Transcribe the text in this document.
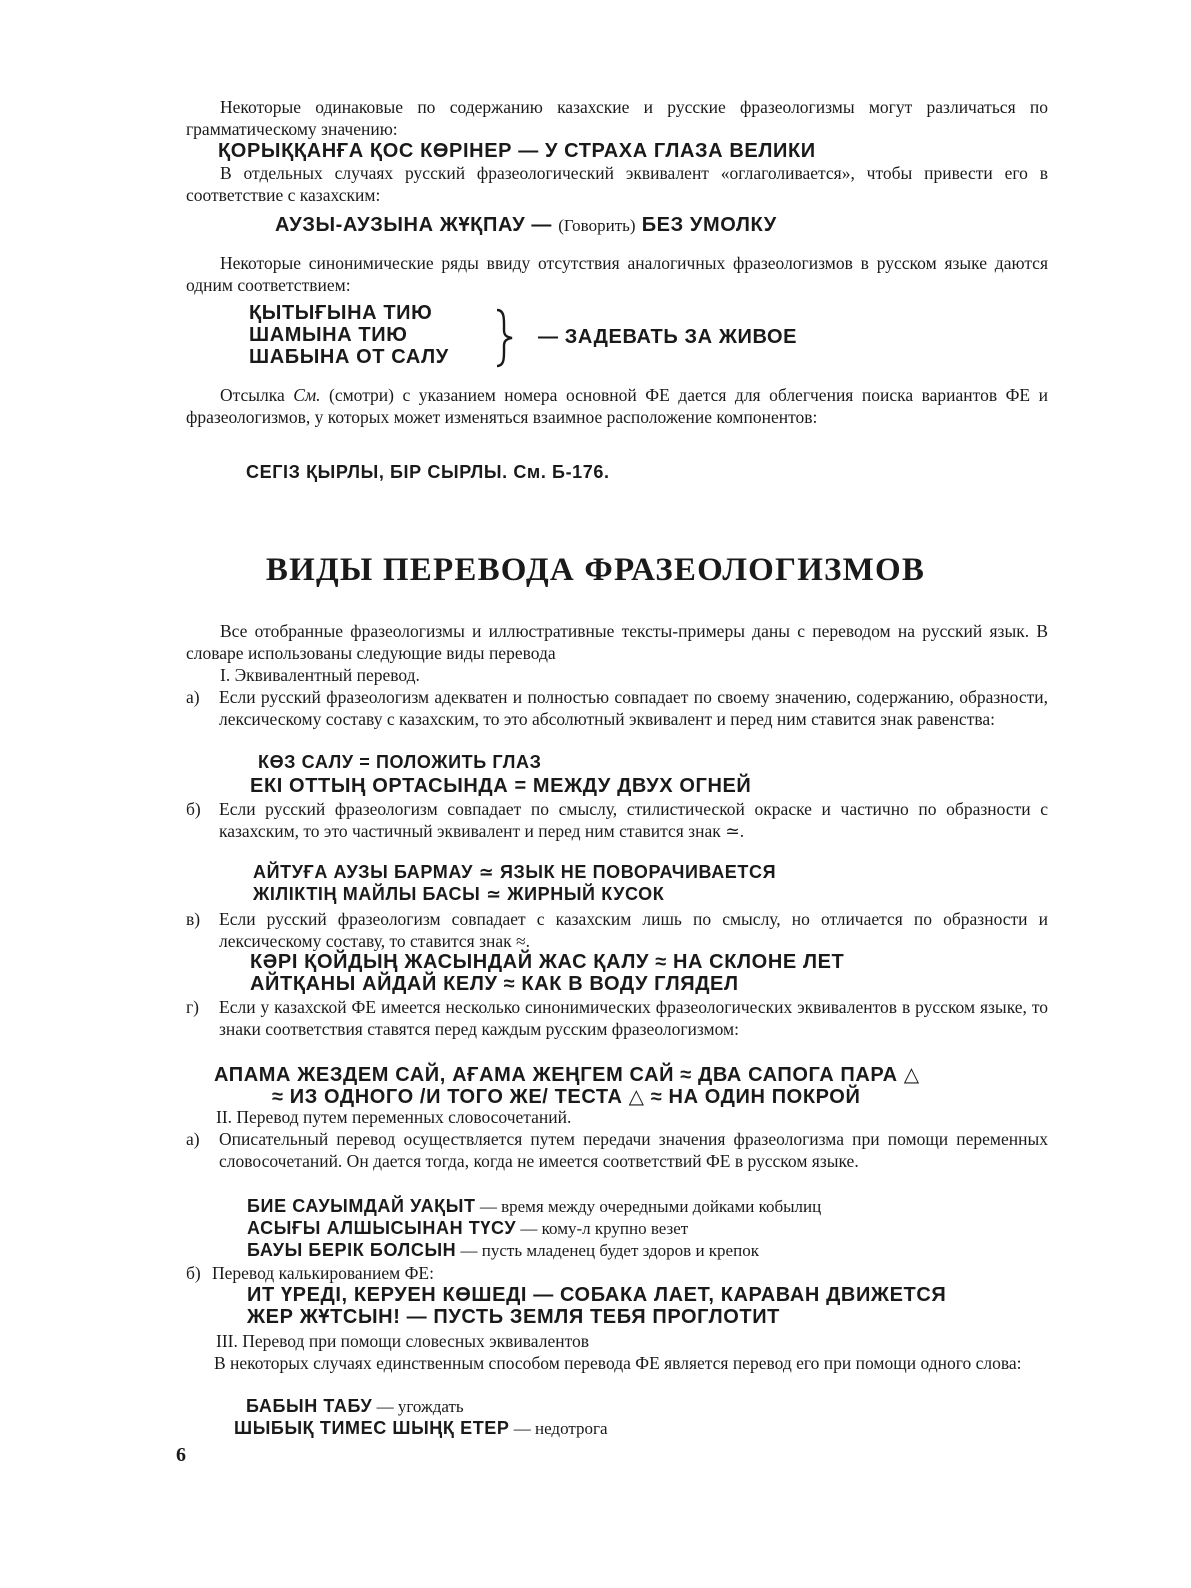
Некоторые одинаковые по содержанию казахские и русские фразеологизмы могут различаться по грамматическому значению:
ҚОРЫҚҚАНҒА ҚОС КӨРІНЕР — У СТРАХА ГЛАЗА ВЕЛИКИ
В отдельных случаях русский фразеологический эквивалент «оглаголивается», чтобы привести его в соответствие с казахским:
АУЗЫ-АУЗЫНА ЖҰҚПАУ — (Говорить) БЕЗ УМОЛКУ
Некоторые синонимические ряды ввиду отсутствия аналогичных фразеологизмов в русском языке даются одним соответствием:
ҚЫТЫҒЫНА ТИЮ
ШАМЫНА ТИЮ
ШАБЫНА ОТ САЛУ
— ЗАДЕВАТЬ ЗА ЖИВОЕ
Отсылка См. (смотри) с указанием номера основной ФЕ дается для облегчения поиска вариантов ФЕ и фразеологизмов, у которых может изменяться взаимное расположение компонентов:
СЕГІЗ ҚЫРЛЫ, БІР СЫРЛЫ. См. Б-176.
ВИДЫ ПЕРЕВОДА ФРАЗЕОЛОГИЗМОВ
Все отобранные фразеологизмы и иллюстративные тексты-примеры даны с переводом на русский язык. В словаре использованы следующие виды перевода
I. Эквивалентный перевод.
а) Если русский фразеологизм адекватен и полностью совпадает по своему значению, содержанию, образности, лексическому составу с казахским, то это абсолютный эквивалент и перед ним ставится знак равенства:
КӨЗ САЛУ = ПОЛОЖИТЬ ГЛАЗ
ЕКІ ОТТЫҢ ОРТАСЫНДА = МЕЖДУ ДВУХ ОГНЕЙ
б) Если русский фразеологизм совпадает по смыслу, стилистической окраске и частично по образности с казахским, то это частичный эквивалент и перед ним ставится знак ≃.
АЙТУҒА АУЗЫ БАРМАУ ≃ ЯЗЫК НЕ ПОВОРАЧИВАЕТСЯ
ЖІЛІКТІҢ МАЙЛЫ БАСЫ ≃ ЖИРНЫЙ КУСОК
в) Если русский фразеологизм совпадает с казахским лишь по смыслу, но отличается по образности и лексическому составу, то ставится знак ≈.
КӘРІ ҚОЙДЫҢ ЖАСЫНДАЙ ЖАС ҚАЛУ ≈ НА СКЛОНЕ ЛЕТ
АЙТҚАНЫ АЙДАЙ КЕЛУ ≈ КАК В ВОДУ ГЛЯДЕЛ
г) Если у казахской ФЕ имеется несколько синонимических фразеологических эквивалентов в русском языке, то знаки соответствия ставятся перед каждым русским фразеологизмом:
АПАМА ЖЕЗДЕМ САЙ, АҒАМА ЖЕҢГЕМ САЙ ≈ ДВА САПОГА ПАРА △
≈ ИЗ ОДНОГО /И ТОГО ЖЕ/ ТЕСТА △ ≈ НА ОДИН ПОКРОЙ
II. Перевод путем переменных словосочетаний.
а) Описательный перевод осуществляется путем передачи значения фразеологизма при помощи переменных словосочетаний. Он дается тогда, когда не имеется соответствий ФЕ в русском языке.
БИЕ САУЫМДАЙ УАҚЫТ — время между очередными дойками кобылиц
АСЫҒЫ АЛШЫСЫНАН ТҮСУ — кому-л крупно везет
БАУЫ БЕРІК БОЛСЫН — пусть младенец будет здоров и крепок
б) Перевод калькированием ФЕ:
ИТ ҮРЕДІ, КЕРУЕН КӨШЕДІ — СОБАКА ЛАЕТ, КАРАВАН ДВИЖЕТСЯ
ЖЕР ЖҰТСЫН! — ПУСТЬ ЗЕМЛЯ ТЕБЯ ПРОГЛОТИТ
III. Перевод при помощи словесных эквивалентов
В некоторых случаях единственным способом перевода ФЕ является перевод его при помощи одного слова:
БАБЫН ТАБУ — угождать
ШЫБЫҚ ТИМЕС ШЫҢҚ ЕТЕР — недотрога
6
